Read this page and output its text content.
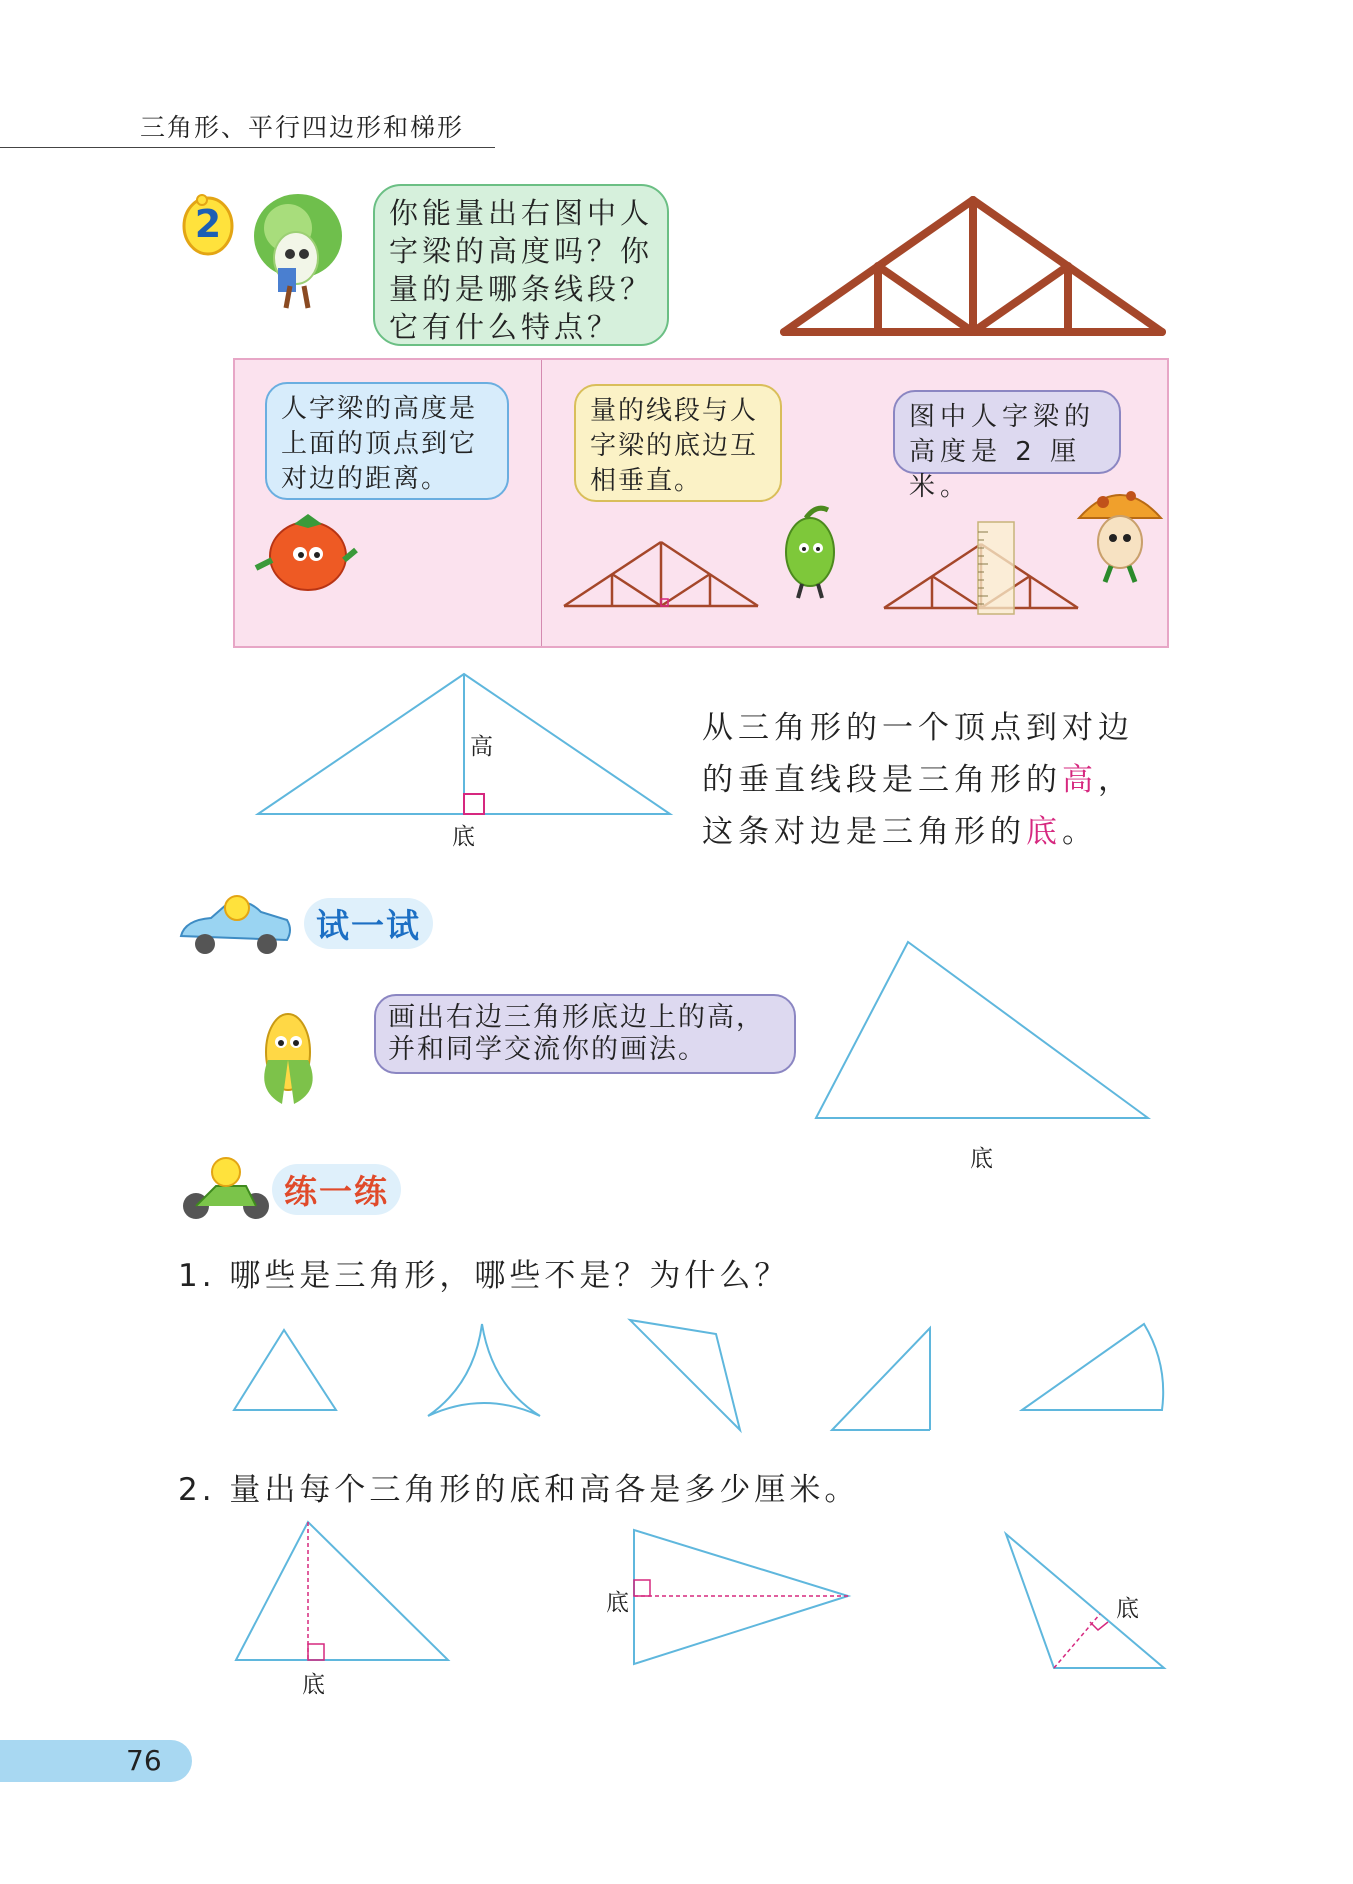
三角形、平行四边形和梯形
2	你能量出右图中人
字梁的高度吗？你
量的是哪条线段？
它有什么特点？
人字梁的高度是
上面的顶点到它
对边的距离。
量的线段与人
字梁的底边互
相垂直。
图中人字梁的
高度是 2 厘米。
高
底
从三角形的一个顶点到对边
的垂直线段是三角形的高，
这条对边是三角形的底。
试一试
画出右边三角形底边上的高，
并和同学交流你的画法。
底
练一练
1. 哪些是三角形，哪些不是？为什么？
2. 量出每个三角形的底和高各是多少厘米。
底
底	底
76
